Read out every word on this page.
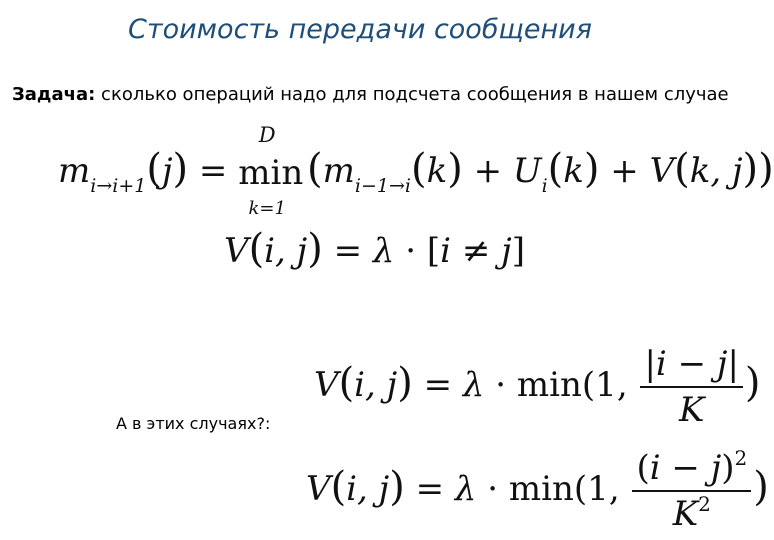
Стоимость передачи сообщения
Задача: сколько операций надо для подсчета сообщения в нашем случае
$m_{i\to i+1}(j)$ =
D
min
k=1
($m_{i-1\to i}(k) + U_i(k) + V(k$, j))
V(i, j) = λ · [i ≠ j]
V(i, j) = λ · min(1, $\frac{|i - j|}{K}$ )
А в этих случаях?:
V(i, j) = λ · min(1, $\frac{(i - j)^2}{K^2}$ )
